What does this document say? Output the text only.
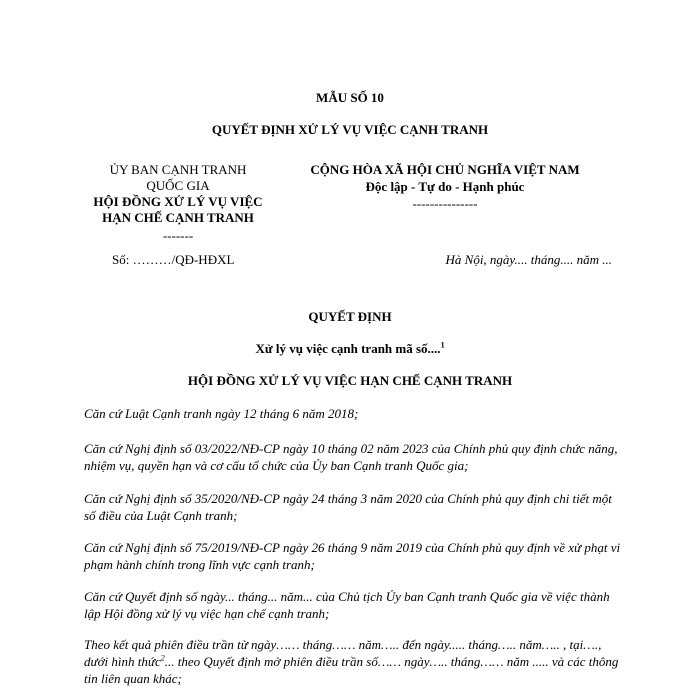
MẪU SỐ 10
QUYẾT ĐỊNH XỬ LÝ VỤ VIỆC CẠNH TRANH
ỦY BAN CẠNH TRANH
QUỐC GIA
HỘI ĐỒNG XỬ LÝ VỤ VIỆC
HẠN CHẾ CẠNH TRANH
-------
Số: ………/QĐ-HĐXL
CỘNG HÒA XÃ HỘI CHỦ NGHĨA VIỆT NAM
Độc lập - Tự do - Hạnh phúc
---------------
Hà Nội, ngày.... tháng.... năm ...
QUYẾT ĐỊNH
Xử lý vụ việc cạnh tranh mã số....$^1$
HỘI ĐỒNG XỬ LÝ VỤ VIỆC HẠN CHẾ CẠNH TRANH
Căn cứ Luật Cạnh tranh ngày 12 tháng 6 năm 2018;
Căn cứ Nghị định số 03/2022/NĐ-CP ngày 10 tháng 02 năm 2023 của Chính phủ quy định chức năng, nhiệm vụ, quyền hạn và cơ cấu tổ chức của Ủy ban Cạnh tranh Quốc gia;
Căn cứ Nghị định số 35/2020/NĐ-CP ngày 24 tháng 3 năm 2020 của Chính phủ quy định chi tiết một số điều của Luật Cạnh tranh;
Căn cứ Nghị định số 75/2019/NĐ-CP ngày 26 tháng 9 năm 2019 của Chính phủ quy định về xử phạt vi phạm hành chính trong lĩnh vực cạnh tranh;
Căn cứ Quyết định số ngày... tháng... năm... của Chủ tịch Ủy ban Cạnh tranh Quốc gia về việc thành lập Hội đồng xử lý vụ việc hạn chế cạnh tranh;
Theo kết quả phiên điều trần từ ngày…… tháng…… năm….. đến ngày..... tháng….. năm….. , tại…., dưới hình thức$^2$... theo Quyết định mở phiên điều trần số…… ngày….. tháng…… năm ..... và các thông tin liên quan khác;
